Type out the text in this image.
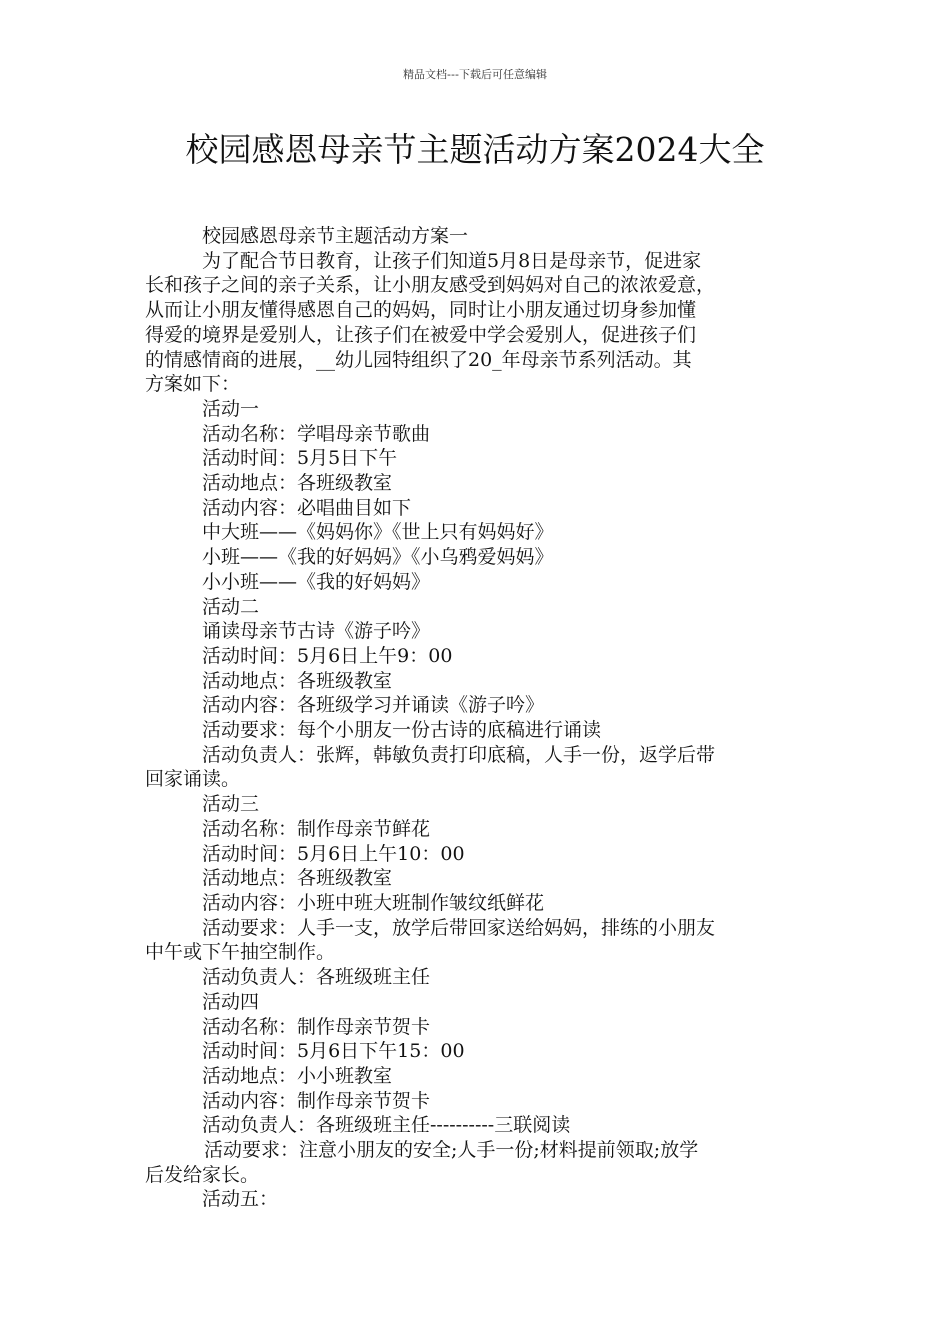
精品文档---下载后可任意编辑
校园感恩母亲节主题活动方案2024大全

校园感恩母亲节主题活动方案一

为了配合节日教育，让孩子们知道5月8日是母亲节，促进家

长和孩子之间的亲子关系，让小朋友感受到妈妈对自己的浓浓爱意，

从而让小朋友懂得感恩自己的妈妈，同时让小朋友通过切身参加懂

得爱的境界是爱别人，让孩子们在被爱中学会爱别人，促进孩子们

的情感情商的进展，__幼儿园特组织了20_年母亲节系列活动。其

方案如下：

活动一

活动名称：学唱母亲节歌曲

活动时间：5月5日下午

活动地点：各班级教室

活动内容：必唱曲目如下

中大班——《妈妈你》《世上只有妈妈好》

小班——《我的好妈妈》《小乌鸦爱妈妈》

小小班——《我的好妈妈》

活动二

诵读母亲节古诗《游子吟》

活动时间：5月6日上午9：00

活动地点：各班级教室

活动内容：各班级学习并诵读《游子吟》

活动要求：每个小朋友一份古诗的底稿进行诵读

活动负责人：张辉，韩敏负责打印底稿，人手一份，返学后带

回家诵读。

活动三

活动名称：制作母亲节鲜花

活动时间：5月6日上午10：00

活动地点：各班级教室

活动内容：小班中班大班制作皱纹纸鲜花

活动要求：人手一支，放学后带回家送给妈妈，排练的小朋友

中午或下午抽空制作。

活动负责人：各班级班主任

活动四

活动名称：制作母亲节贺卡

活动时间：5月6日下午15：00

活动地点：小小班教室

活动内容：制作母亲节贺卡

活动负责人：各班级班主任----------三联阅读

活动要求：注意小朋友的安全;人手一份;材料提前领取;放学

后发给家长。

活动五：
